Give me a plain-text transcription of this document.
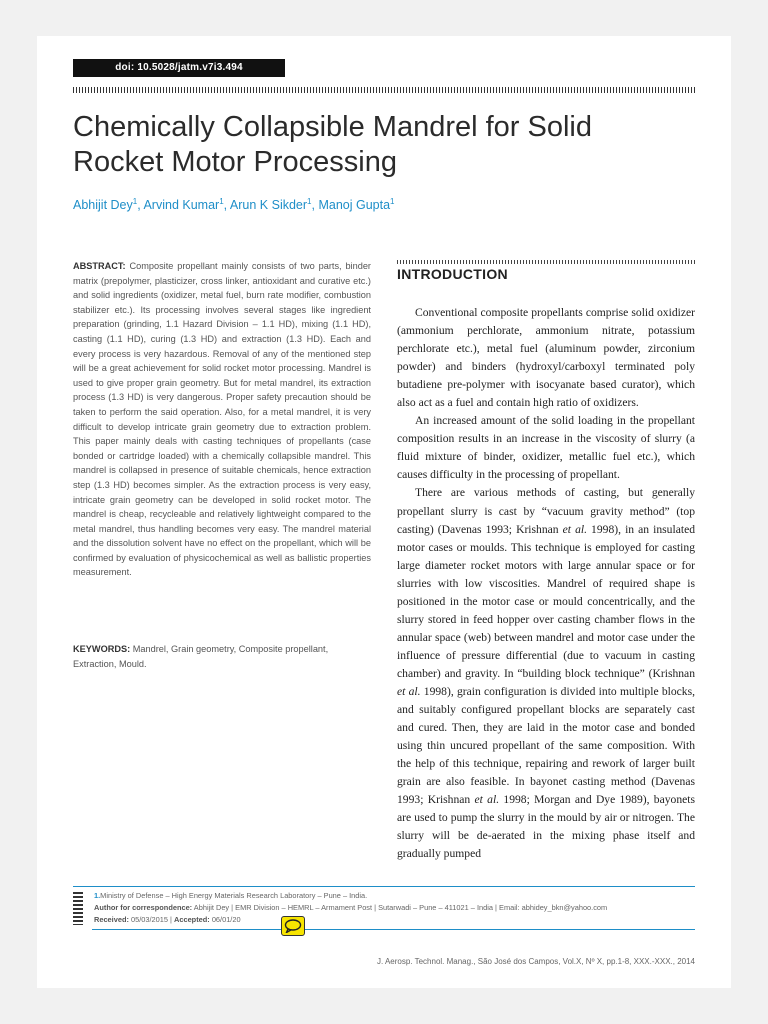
doi: 10.5028/jatm.v7i3.494
Chemically Collapsible Mandrel for Solid Rocket Motor Processing
Abhijit Dey$^1$, Arvind Kumar$^1$, Arun K Sikder$^1$, Manoj Gupta$^1$

ABSTRACT: Composite propellant mainly consists of two parts, binder matrix (prepolymer, plasticizer, cross linker, antioxidant and curative etc.) and solid ingredients (oxidizer, metal fuel, burn rate modifier, combustion stabilizer etc.). Its processing involves several stages like ingredient preparation (grinding, 1.1 Hazard Division – 1.1 HD), mixing (1.1 HD), casting (1.1 HD), curing (1.3 HD) and extraction (1.3 HD). Each and every process is very hazardous. Removal of any of the mentioned step will be a great achievement for solid rocket motor processing. Mandrel is used to give proper grain geometry. But for metal mandrel, its extraction process (1.3 HD) is very dangerous. Proper safety precaution should be taken to perform the said operation. Also, for a metal mandrel, it is very difficult to develop intricate grain geometry due to extraction problem. This paper mainly deals with casting techniques of propellants (case bonded or cartridge loaded) with a chemically collapsible mandrel. This mandrel is collapsed in presence of suitable chemicals, hence extraction step (1.3 HD) becomes simpler. As the extraction process is very easy, intricate grain geometry can be developed in solid rocket motor. The mandrel is cheap, recycleable and relatively lightweight compared to the metal mandrel, thus handling becomes very easy. The mandrel material and the dissolution solvent have no effect on the propellant, which will be confirmed by evaluation of physicochemical as well as ballistic properties measurement.

KEYWORDS: Mandrel, Grain geometry, Composite propellant, Extraction, Mould.

INTRODUCTION

Conventional composite propellants comprise solid oxidizer (ammonium perchlorate, ammonium nitrate, potassium perchlorate etc.), metal fuel (aluminum powder, zirconium powder) and binders (hydroxyl/carboxyl terminated poly butadiene pre-polymer with isocyanate based curator), which also act as a fuel and contain high ratio of oxidizers.

An increased amount of the solid loading in the propellant composition results in an increase in the viscosity of slurry (a fluid mixture of binder, oxidizer, metallic fuel etc.), which causes difficulty in the processing of propellant.

There are various methods of casting, but generally propellant slurry is cast by “vacuum gravity method” (top casting) (Davenas 1993; Krishnan et al. 1998), in an insulated motor cases or moulds. This technique is employed for casting large diameter rocket motors with large annular space or for slurries with low viscosities. Mandrel of required shape is positioned in the motor case or mould concentrically, and the slurry stored in feed hopper over casting chamber flows in the annular space (web) between mandrel and motor case under the influence of pressure differential (due to vacuum in casting chamber) and gravity. In “building block technique” (Krishnan et al. 1998), grain configuration is divided into multiple blocks, and suitably configured propellant blocks are separately cast and cured. Then, they are laid in the motor case and bonded using thin uncured propellant of the same composition. With the help of this technique, repairing and rework of larger built grain are also feasible. In bayonet casting method (Davenas 1993; Krishnan et al. 1998; Morgan and Dye 1989), bayonets are used to pump the slurry in the mould by air or nitrogen. The slurry will be de-aerated in the mixing phase itself and gradually pumped

1.Ministry of Defense – High Energy Materials Research Laboratory – Pune – India.
Author for correspondence: Abhijit Dey | EMR Division – HEMRL – Armament Post | Sutarwadi – Pune – 411021 – India | Email: abhidey_bkn@yahoo.com
Received: 05/03/2015 | Accepted: 06/01/20
J. Aerosp. Technol. Manag., São José dos Campos, Vol.X, Nº X, pp.1-8, XXX.-XXX., 2014
